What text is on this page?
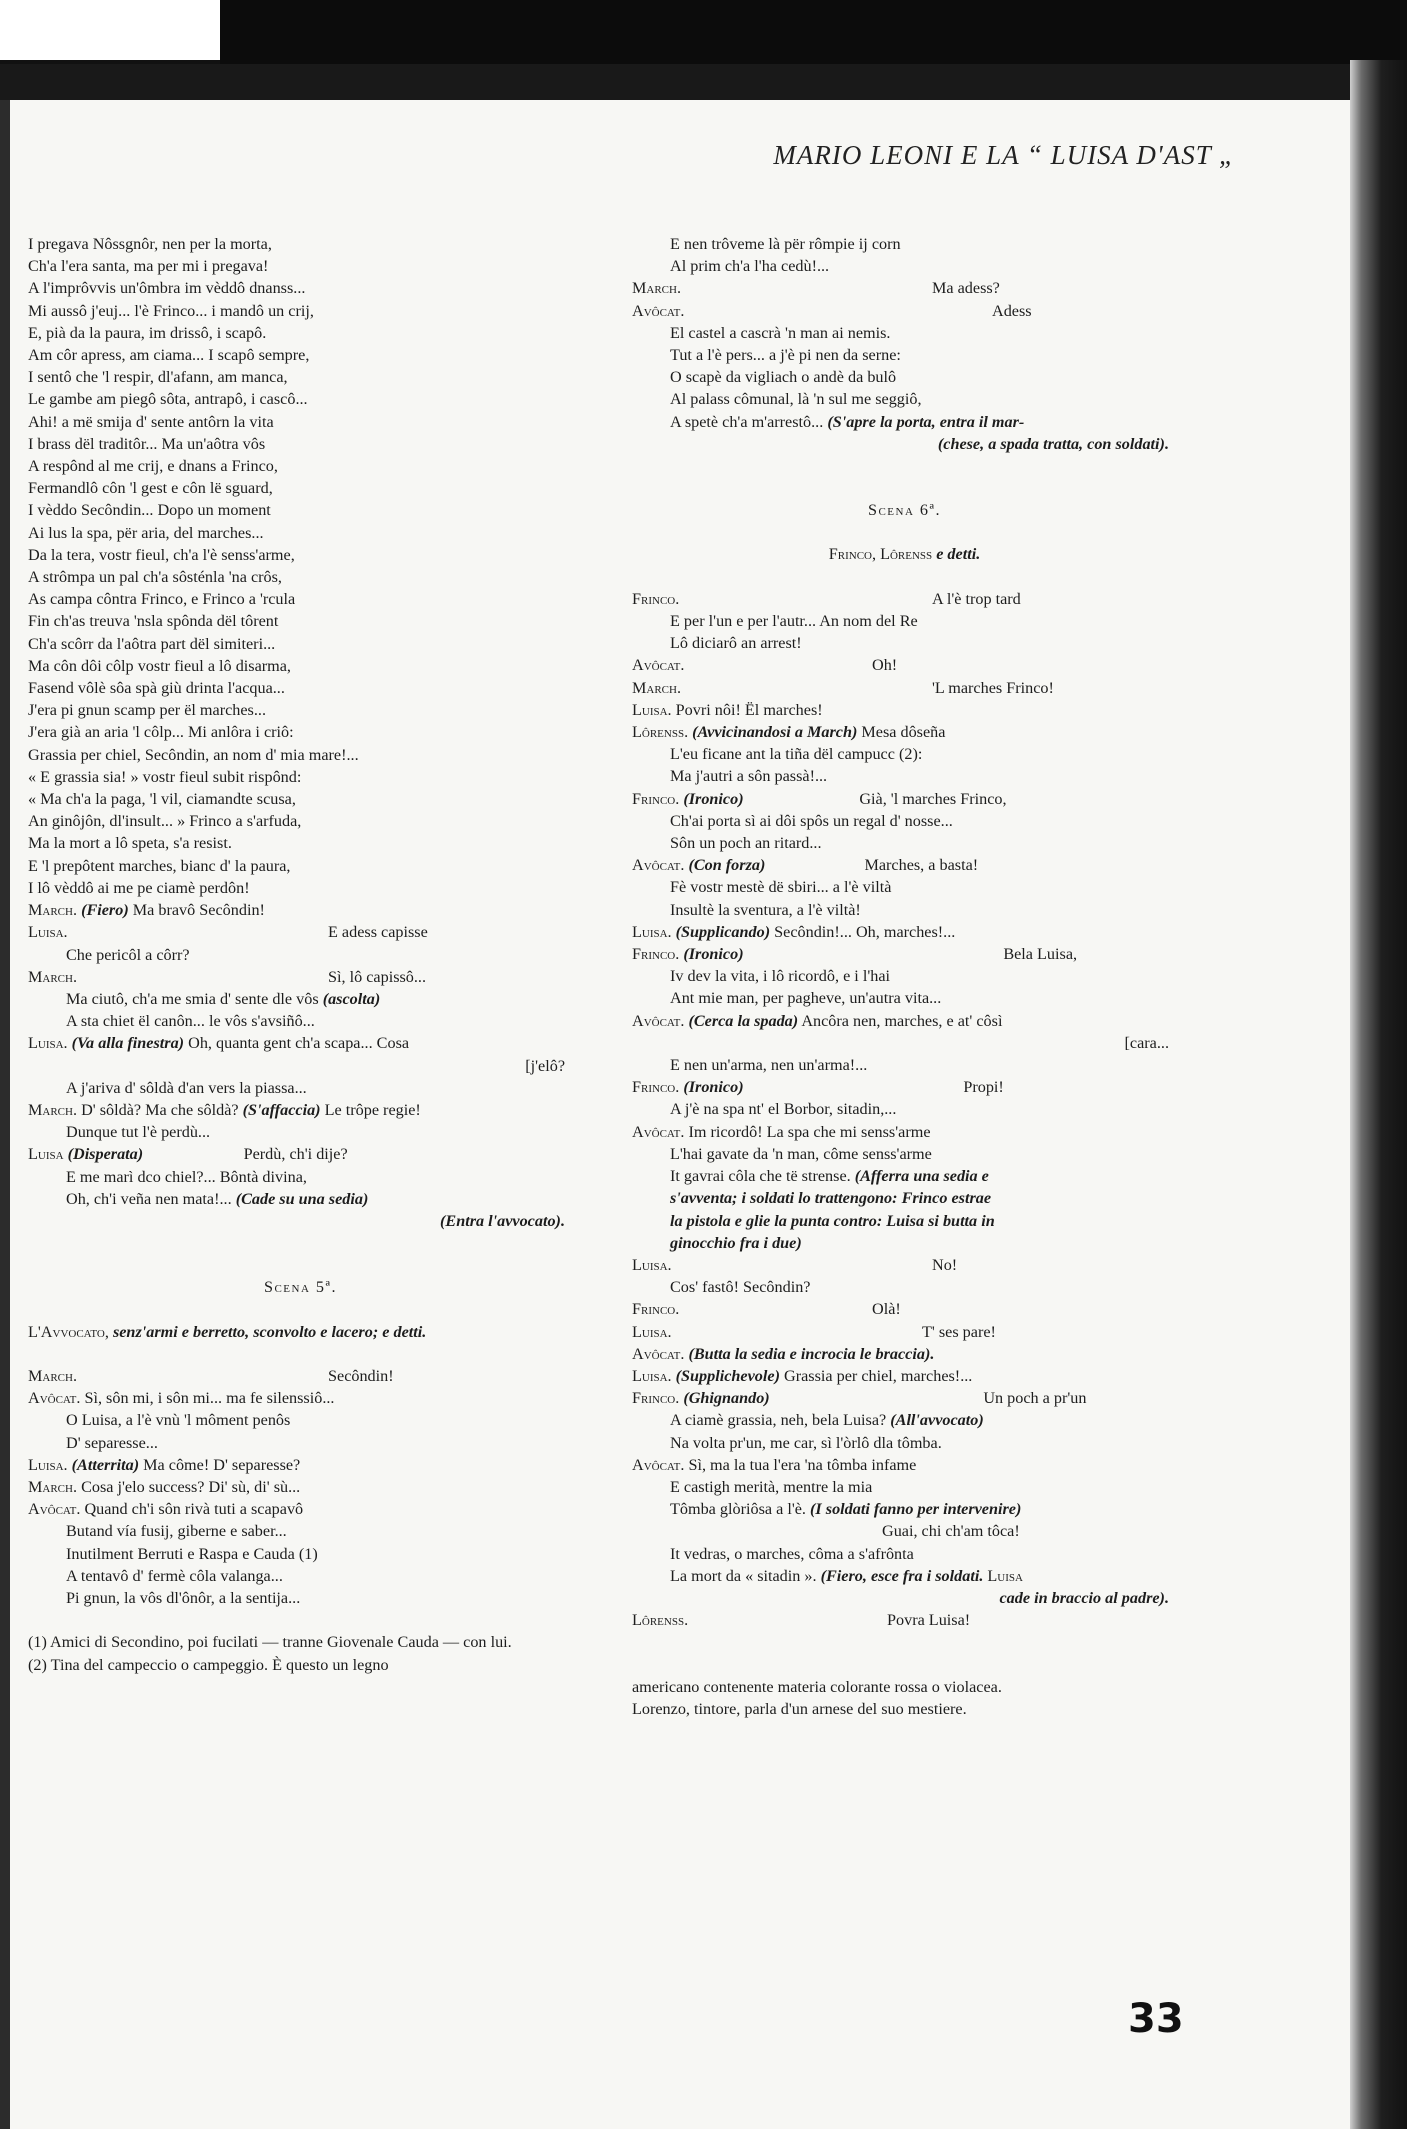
MARIO LEONI E LA “ LUISA D'AST „
I pregava Nôssgnôr, nen per la morta,
Ch'a l'era santa, ma per mi i pregava!
A l'imprôvvis un'ômbra im vèddô dnanss...
Mi aussô j'euj... l'è Frinco... i mandô un crij,
E, pià da la paura, im drissô, i scapô.
Am côr apress, am ciama... I scapô sempre,
I sentô che 'l respir, dl'afann, am manca,
Le gambe am piegô sôta, antrapô, i cascô...
Ahi! a më smija d' sente antôrn la vita
I brass dël traditôr... Ma un'aôtra vôs
A respônd al me crij, e dnans a Frinco,
Fermandlô côn 'l gest e côn lë sguard,
I vèddo Secôndin... Dopo un moment
Ai lus la spa, për aria, del marches...
Da la tera, vostr fieul, ch'a l'è senss'arme,
A strômpa un pal ch'a sôsténla 'na crôs,
As campa côntra Frinco, e Frinco a 'rcula
Fin ch'as treuva 'nsla spônda dël tôrent
Ch'a scôrr da l'aôtra part dël simiteri...
Ma côn dôi côlp vostr fieul a lô disarma,
Fasend vôlè sôa spà giù drinta l'acqua...
J'era pi gnun scamp per ël marches...
J'era già an aria 'l côlp... Mi anlôra i criô:
Grassia per chiel, Secôndin, an nom d' mia mare!...
« E grassia sia! » vostr fieul subit rispônd:
« Ma ch'a la paga, 'l vil, ciamandte scusa,
An ginôjôn, dl'insult... » Frinco a s'arfuda,
Ma la mort a lô speta, s'a resist.
E 'l prepôtent marches, bianc d' la paura,
I lô vèddô ai me pe ciamè perdôn!
March. (Fiero) Ma bravô Secôndin!
Luisa.	E adess capisse
Che pericôl a côrr?
March.	Sì, lô capissô...
Ma ciutô, ch'a me smia d' sente dle vôs (ascolta)
A sta chiet ël canôn... le vôs s'avsiñô...
Luisa. (Va alla finestra) Oh, quanta gent ch'a scapa... Cosa
[j'elô?
A j'ariva d' sôldà d'an vers la piassa...
March. D' sôldà? Ma che sôldà? (S'affaccia) Le trôpe regie!
Dunque tut l'è perdù...
Luisa (Disperata)	Perdù, ch'i dije?
E me marì dco chiel?... Bôntà divina,
Oh, ch'i veña nen mata!... (Cade su una sedia)
(Entra l'avvocato).
Scena 5ª.
L'Avvocato, senz'armi e berretto, sconvolto e lacero; e detti.
March.	Secôndin!
Avôcat. Sì, sôn mi, i sôn mi... ma fe silenssiô...
O Luisa, a l'è vnù 'l môment penôs
D' separesse...
Luisa. (Atterrita) Ma côme! D' separesse?
March. Cosa j'elo success? Di' sù, di' sù...
Avôcat. Quand ch'i sôn rivà tuti a scapavô
Butand vía fusij, giberne e saber...
Inutilment Berruti e Raspa e Cauda (1)
A tentavô d' fermè côla valanga...
Pi gnun, la vôs dl'ônôr, a la sentija...
(1) Amici di Secondino, poi fucilati — tranne Giovenale Cauda — con lui.
(2) Tina del campeccio o campeggio. È questo un legno
E nen trôveme là për rômpie ij corn
Al prim ch'a l'ha cedù!...
March.	Ma adess?
Avôcat.	Adess
El castel a cascrà 'n man ai nemis.
Tut a l'è pers... a j'è pi nen da serne:
O scapè da vigliach o andè da bulô
Al palass cômunal, là 'n sul me seggiô,
A spetè ch'a m'arrestô... (S'apre la porta, entra il mar-
(chese, a spada tratta, con soldati).
Scena 6ª.
Frinco, Lôrenss e detti.
Frinco.	A l'è trop tard
E per l'un e per l'autr... An nom del Re
Lô diciarô an arrest!
Avôcat.	Oh!
March.	'L marches Frinco!
Luisa. Povri nôi! Ël marches!
Lôrenss. (Avvicinandosi a March) Mesa dôseña
L'eu ficane ant la tiña dël campucc (2):
Ma j'autri a sôn passà!...
Frinco. (Ironico)	Già, 'l marches Frinco,
Ch'ai porta sì ai dôi spôs un regal d' nosse...
Sôn un poch an ritard...
Avôcat. (Con forza)	Marches, a basta!
Fè vostr mestè dë sbiri... a l'è viltà
Insultè la sventura, a l'è viltà!
Luisa. (Supplicando) Secôndin!... Oh, marches!...
Frinco. (Ironico)	Bela Luisa,
Iv dev la vita, i lô ricordô, e i l'hai
Ant mie man, per pagheve, un'autra vita...
Avôcat. (Cerca la spada) Ancôra nen, marches, e at' côsì
[cara...
E nen un'arma, nen un'arma!...
Frinco. (Ironico)	Propi!
A j'è na spa nt' el Borbor, sitadin,...
Avôcat. Im ricordô! La spa che mi senss'arme
L'hai gavate da 'n man, côme senss'arme
It gavrai côla che të strense. (Afferra una sedia e
s'avventa; i soldati lo trattengono: Frinco estrae
la pistola e glie la punta contro: Luisa si butta in
ginocchio fra i due)
Luisa.	No!
Cos' fastô! Secôndin?
Frinco.	Olà!
Luisa.	T' ses pare!
Avôcat. (Butta la sedia e incrocia le braccia).
Luisa. (Supplichevole) Grassia per chiel, marches!...
Frinco. (Ghignando)	Un poch a pr'un
A ciamè grassia, neh, bela Luisa? (All'avvocato)
Na volta pr'un, me car, sì l'òrlô dla tômba.
Avôcat. Sì, ma la tua l'era 'na tômba infame
E castigh merità, mentre la mia
Tômba glòriôsa a l'è. (I soldati fanno per intervenire)
Guai, chi ch'am tôca!
It vedras, o marches, côma a s'afrônta
La mort da « sitadin ». (Fiero, esce fra i soldati. Luisa
cade in braccio al padre).
Lôrenss.	Povra Luisa!
americano contenente materia colorante rossa o violacea.
Lorenzo, tintore, parla d'un arnese del suo mestiere.
33
